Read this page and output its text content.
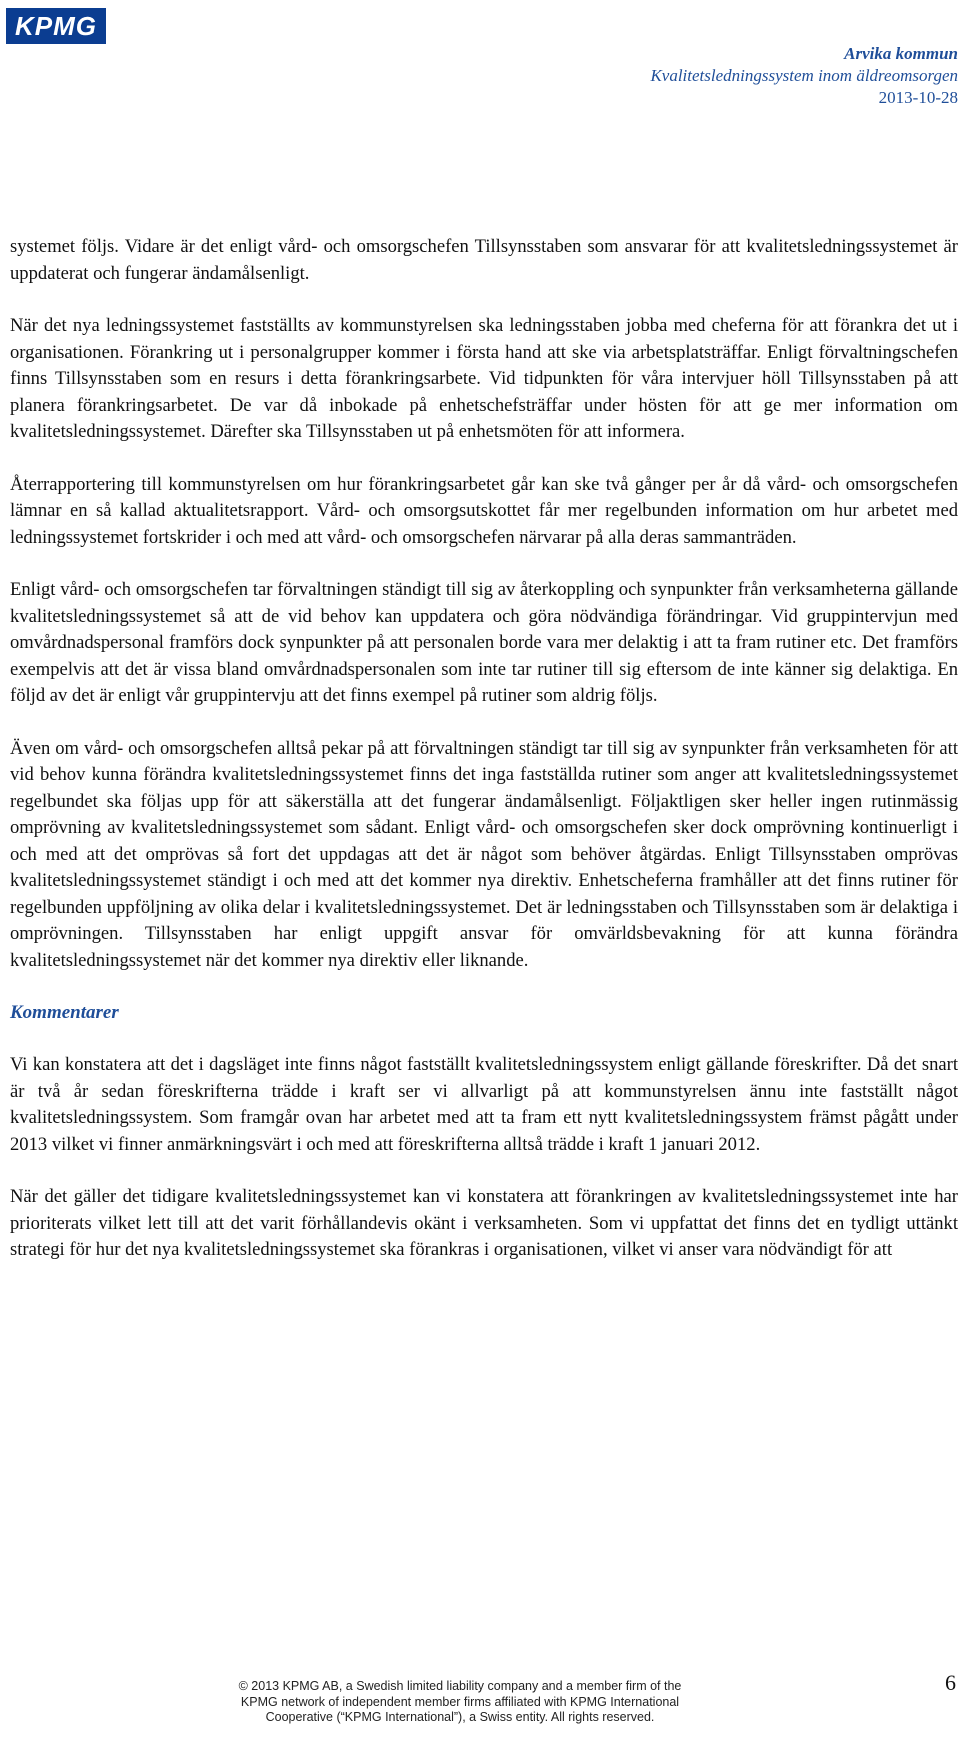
KPMG
Arvika kommun
Kvalitetsledningssystem inom äldreomsorgen
2013-10-28

systemet följs. Vidare är det enligt vård- och omsorgschefen Tillsynsstaben som ansvarar för att kvalitetsledningssystemet är uppdaterat och fungerar ändamålsenligt.

När det nya ledningssystemet fastställts av kommunstyrelsen ska ledningsstaben jobba med cheferna för att förankra det ut i organisationen. Förankring ut i personalgrupper kommer i första hand att ske via arbetsplatsträffar. Enligt förvaltningschefen finns Tillsynsstaben som en resurs i detta förankringsarbete. Vid tidpunkten för våra intervjuer höll Tillsynsstaben på att planera förankringsarbetet. De var då inbokade på enhetschefsträffar under hösten för att ge mer information om kvalitetsledningssystemet. Därefter ska Tillsynsstaben ut på enhetsmöten för att informera.

Återrapportering till kommunstyrelsen om hur förankringsarbetet går kan ske två gånger per år då vård- och omsorgschefen lämnar en så kallad aktualitetsrapport. Vård- och omsorgsutskottet får mer regelbunden information om hur arbetet med ledningssystemet fortskrider i och med att vård- och omsorgschefen närvarar på alla deras sammanträden.

Enligt vård- och omsorgschefen tar förvaltningen ständigt till sig av återkoppling och synpunkter från verksamheterna gällande kvalitetsledningssystemet så att de vid behov kan uppdatera och göra nödvändiga förändringar. Vid gruppintervjun med omvårdnadspersonal framförs dock synpunkter på att personalen borde vara mer delaktig i att ta fram rutiner etc. Det framförs exempelvis att det är vissa bland omvårdnadspersonalen som inte tar rutiner till sig eftersom de inte känner sig delaktiga. En följd av det är enligt vår gruppintervju att det finns exempel på rutiner som aldrig följs.

Även om vård- och omsorgschefen alltså pekar på att förvaltningen ständigt tar till sig av synpunkter från verksamheten för att vid behov kunna förändra kvalitetsledningssystemet finns det inga fastställda rutiner som anger att kvalitetsledningssystemet regelbundet ska följas upp för att säkerställa att det fungerar ändamålsenligt. Följaktligen sker heller ingen rutinmässig omprövning av kvalitetsledningssystemet som sådant. Enligt vård- och omsorgschefen sker dock omprövning kontinuerligt i och med att det omprövas så fort det uppdagas att det är något som behöver åtgärdas. Enligt Tillsynsstaben omprövas kvalitetsledningssystemet ständigt i och med att det kommer nya direktiv. Enhetscheferna framhåller att det finns rutiner för regelbunden uppföljning av olika delar i kvalitetsledningssystemet. Det är ledningsstaben och Tillsynsstaben som är delaktiga i omprövningen. Tillsynsstaben har enligt uppgift ansvar för omvärldsbevakning för att kunna förändra kvalitetsledningssystemet när det kommer nya direktiv eller liknande.

Kommentarer

Vi kan konstatera att det i dagsläget inte finns något fastställt kvalitetsledningssystem enligt gällande föreskrifter. Då det snart är två år sedan föreskrifterna trädde i kraft ser vi allvarligt på att kommunstyrelsen ännu inte fastställt något kvalitetsledningssystem. Som framgår ovan har arbetet med att ta fram ett nytt kvalitetsledningssystem främst pågått under 2013 vilket vi finner anmärkningsvärt i och med att föreskrifterna alltså trädde i kraft 1 januari 2012.

När det gäller det tidigare kvalitetsledningssystemet kan vi konstatera att förankringen av kvalitetsledningssystemet inte har prioriterats vilket lett till att det varit förhållandevis okänt i verksamheten. Som vi uppfattat det finns det en tydligt uttänkt strategi för hur det nya kvalitetsledningssystemet ska förankras i organisationen, vilket vi anser vara nödvändigt för att

6
© 2013 KPMG AB, a Swedish limited liability company and a member firm of the
KPMG network of independent member firms affiliated with KPMG International
Cooperative (“KPMG International”), a Swiss entity. All rights reserved.
